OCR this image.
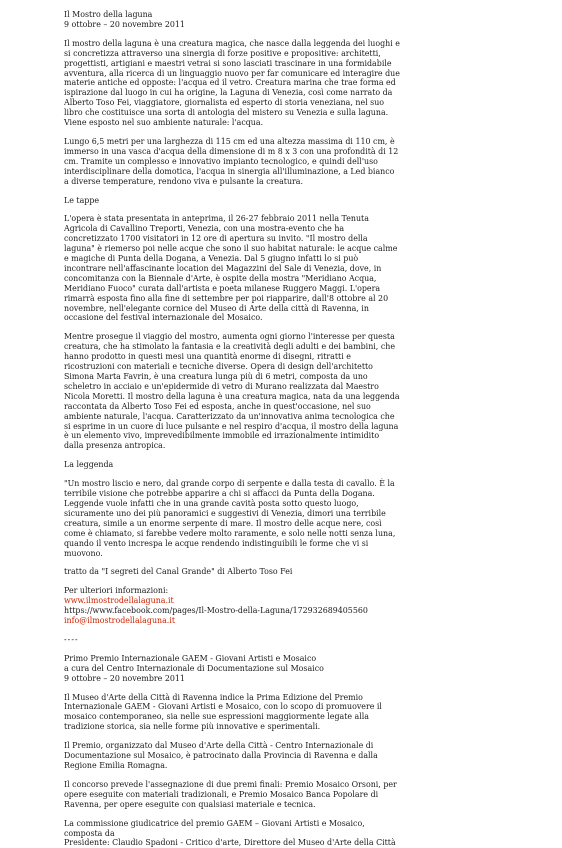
Il Mostro della laguna
9 ottobre – 20 novembre 2011
Il mostro della laguna è una creatura magica, che nasce dalla leggenda dei luoghi e
si concretizza attraverso una sinergia di forze positive e propositive: architetti,
progettisti, artigiani e maestri vetrai si sono lasciati trascinare in una formidabile
avventura, alla ricerca di un linguaggio nuovo per far comunicare ed interagire due
materie antiche ed opposte: l'acqua ed il vetro. Creatura marina che trae forma ed
ispirazione dal luogo in cui ha origine, la Laguna di Venezia, così come narrato da
Alberto Toso Fei, viaggiatore, giornalista ed esperto di storia veneziana, nel suo
libro che costituisce una sorta di antologia del mistero su Venezia e sulla laguna.
Viene esposto nel suo ambiente naturale: l'acqua.
Lungo 6,5 metri per una larghezza di 115 cm ed una altezza massima di 110 cm, è
immerso in una vasca d'acqua della dimensione di m 8 x 3 con una profondità di 12
cm. Tramite un complesso e innovativo impianto tecnologico, e quindi dell'uso
interdisciplinare della domotica, l'acqua in sinergia all'illuminazione, a Led bianco
a diverse temperature, rendono viva e pulsante la creatura.
Le tappe
L'opera è stata presentata in anteprima, il 26-27 febbraio 2011 nella Tenuta
Agricola di Cavallino Treporti, Venezia, con una mostra-evento che ha
concretizzato 1700 visitatori in 12 ore di apertura su invito. "Il mostro della
laguna" è riemerso poi nelle acque che sono il suo habitat naturale: le acque calme
e magiche di Punta della Dogana, a Venezia. Dal 5 giugno infatti lo si può
incontrare nell'affascinante location dei Magazzini del Sale di Venezia, dove, in
concomitanza con la Biennale d'Arte, è ospite della mostra "Meridiano Acqua,
Meridiano Fuoco" curata dall'artista e poeta milanese Ruggero Maggi. L'opera
rimarrà esposta fino alla fine di settembre per poi riapparire, dall'8 ottobre al 20
novembre, nell'elegante cornice del Museo di Arte della città di Ravenna, in
occasione del festival internazionale del Mosaico.
Mentre prosegue il viaggio del mostro, aumenta ogni giorno l'interesse per questa
creatura, che ha stimolato la fantasia e la creatività degli adulti e dei bambini, che
hanno prodotto in questi mesi una quantità enorme di disegni, ritratti e
ricostruzioni con materiali e tecniche diverse. Opera di design dell'architetto
Simona Marta Favrin, è una creatura lunga più di 6 metri, composta da uno
scheletro in acciaio e un'epidermide di vetro di Murano realizzata dal Maestro
Nicola Moretti. Il mostro della laguna è una creatura magica, nata da una leggenda
raccontata da Alberto Toso Fei ed esposta, anche in quest'occasione, nel suo
ambiente naturale, l'acqua. Caratterizzato da un'innovativa anima tecnologica che
si esprime in un cuore di luce pulsante e nel respiro d'acqua, il mostro della laguna
è un elemento vivo, imprevedibilmente immobile ed irrazionalmente intimidito
dalla presenza antropica.
La leggenda
"Un mostro liscio e nero, dal grande corpo di serpente e dalla testa di cavallo. È la
terribile visione che potrebbe apparire a chi si affacci da Punta della Dogana.
Leggende vuole infatti che in una grande cavità posta sotto questo luogo,
sicuramente uno dei più panoramici e suggestivi di Venezia, dimori una terribile
creatura, simile a un enorme serpente di mare. Il mostro delle acque nere, così
come è chiamato, si farebbe vedere molto raramente, e solo nelle notti senza luna,
quando il vento increspa le acque rendendo indistinguibili le forme che vi si
muovono.
tratto da "I segreti del Canal Grande" di Alberto Toso Fei
Per ulteriori informazioni:
www.ilmostrodellalaguna.it
https://www.facebook.com/pages/Il-Mostro-della-Laguna/172932689405560
info@ilmostrodellalaguna.it
----
Primo Premio Internazionale GAEM - Giovani Artisti e Mosaico
a cura del Centro Internazionale di Documentazione sul Mosaico
9 ottobre – 20 novembre 2011
Il Museo d'Arte della Città di Ravenna indice la Prima Edizione del Premio
Internazionale GAEM - Giovani Artisti e Mosaico, con lo scopo di promuovere il
mosaico contemporaneo, sia nelle sue espressioni maggiormente legate alla
tradizione storica, sia nelle forme più innovative e sperimentali.
Il Premio, organizzato dal Museo d'Arte della Città - Centro Internazionale di
Documentazione sul Mosaico, è patrocinato dalla Provincia di Ravenna e dalla
Regione Emilia Romagna.
Il concorso prevede l'assegnazione di due premi finali: Premio Mosaico Orsoni, per
opere eseguite con materiali tradizionali, e Premio Mosaico Banca Popolare di
Ravenna, per opere eseguite con qualsiasi materiale e tecnica.
La commissione giudicatrice del premio GAEM – Giovani Artisti e Mosaico,
composta da
Presidente: Claudio Spadoni - Critico d'arte, Direttore del Museo d'Arte della Città
